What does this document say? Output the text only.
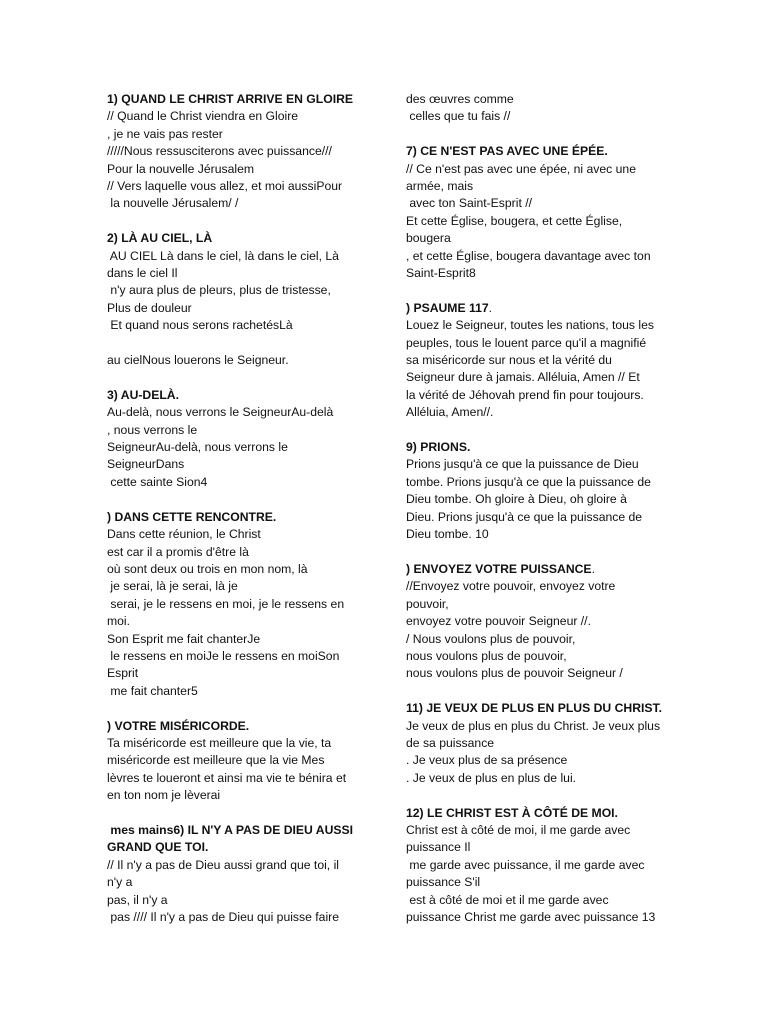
1) QUAND LE CHRIST ARRIVE EN GLOIRE
// Quand le Christ viendra en Gloire
, je ne vais pas rester
/////Nous ressusciterons avec puissance///
Pour la nouvelle Jérusalem
// Vers laquelle vous allez, et moi aussiPour
la nouvelle Jérusalem/ /
2) LÀ AU CIEL, LÀ
AU CIEL Là dans le ciel, là dans le ciel, Là
dans le ciel Il
n'y aura plus de pleurs, plus de tristesse,
Plus de douleur
Et quand nous serons rachetésLà
au cielNous louerons le Seigneur.
3) AU-DELÀ.
Au-delà, nous verrons le SeigneurAu-delà
, nous verrons le
SeigneurAu-delà, nous verrons le
SeigneurDans
cette sainte Sion4
) DANS CETTE RENCONTRE.
Dans cette réunion, le Christ
est car il a promis d'être là
où sont deux ou trois en mon nom, là
je serai, là je serai, là je
serai, je le ressens en moi, je le ressens en
moi.
Son Esprit me fait chanterJe
le ressens en moiJe le ressens en moiSon
Esprit
me fait chanter5
) VOTRE MISÉRICORDE.
Ta miséricorde est meilleure que la vie, ta
miséricorde est meilleure que la vie Mes
lèvres te loueront et ainsi ma vie te bénira et
en ton nom je lèverai
mes mains6) IL N'Y A PAS DE DIEU AUSSI
GRAND QUE TOI.
// Il n'y a pas de Dieu aussi grand que toi, il
n'y a
pas, il n'y a
pas //// Il n'y a pas de Dieu qui puisse faire
des œuvres comme
celles que tu fais //
7) CE N'EST PAS AVEC UNE ÉPÉE.
// Ce n'est pas avec une épée, ni avec une
armée, mais
avec ton Saint-Esprit //
Et cette Église, bougera, et cette Église,
bougera
, et cette Église, bougera davantage avec ton
Saint-Esprit8
) PSAUME 117.
Louez le Seigneur, toutes les nations, tous les
peuples, tous le louent parce qu'il a magnifié
sa miséricorde sur nous et la vérité du
Seigneur dure à jamais. Alléluia, Amen // Et
la vérité de Jéhovah prend fin pour toujours.
Alléluia, Amen//.
9) PRIONS.
Prions jusqu'à ce que la puissance de Dieu
tombe. Prions jusqu'à ce que la puissance de
Dieu tombe. Oh gloire à Dieu, oh gloire à
Dieu. Prions jusqu'à ce que la puissance de
Dieu tombe. 10
) ENVOYEZ VOTRE PUISSANCE.
//Envoyez votre pouvoir, envoyez votre
pouvoir,
envoyez votre pouvoir Seigneur //.
/ Nous voulons plus de pouvoir,
nous voulons plus de pouvoir,
nous voulons plus de pouvoir Seigneur /
11) JE VEUX DE PLUS EN PLUS DU CHRIST.
Je veux de plus en plus du Christ. Je veux plus
de sa puissance
. Je veux plus de sa présence
. Je veux de plus en plus de lui.
12) LE CHRIST EST À CÔTÉ DE MOI.
Christ est à côté de moi, il me garde avec
puissance Il
me garde avec puissance, il me garde avec
puissance S'il
est à côté de moi et il me garde avec
puissance Christ me garde avec puissance 13
